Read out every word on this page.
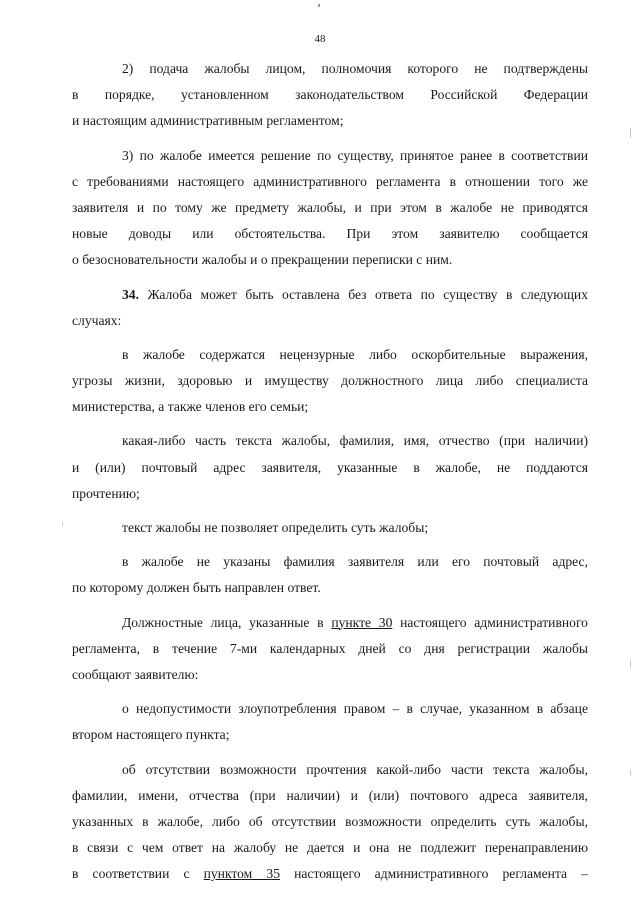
48
2) подача жалобы лицом, полномочия которого не подтверждены
в порядке, установленном законодательством Российской Федерации
и настоящим административным регламентом;
3) по жалобе имеется решение по существу, принятое ранее в соответствии
с требованиями настоящего административного регламента в отношении того же
заявителя и по тому же предмету жалобы, и при этом в жалобе не приводятся
новые доводы или обстоятельства. При этом заявителю сообщается
о безосновательности жалобы и о прекращении переписки с ним.
34. Жалоба может быть оставлена без ответа по существу в следующих
случаях:
в жалобе содержатся нецензурные либо оскорбительные выражения,
угрозы жизни, здоровью и имуществу должностного лица либо специалиста
министерства, а также членов его семьи;
какая-либо часть текста жалобы, фамилия, имя, отчество (при наличии)
и (или) почтовый адрес заявителя, указанные в жалобе, не поддаются
прочтению;
текст жалобы не позволяет определить суть жалобы;
в жалобе не указаны фамилия заявителя или его почтовый адрес,
по которому должен быть направлен ответ.
Должностные лица, указанные в пункте 30 настоящего административного
регламента, в течение 7-ми календарных дней со дня регистрации жалобы
сообщают заявителю:
о недопустимости злоупотребления правом – в случае, указанном в абзаце
втором настоящего пункта;
об отсутствии возможности прочтения какой-либо части текста жалобы,
фамилии, имени, отчества (при наличии) и (или) почтового адреса заявителя,
указанных в жалобе, либо об отсутствии возможности определить суть жалобы,
в связи с чем ответ на жалобу не дается и она не подлежит перенаправлению
в соответствии с пунктом 35 настоящего административного регламента –
